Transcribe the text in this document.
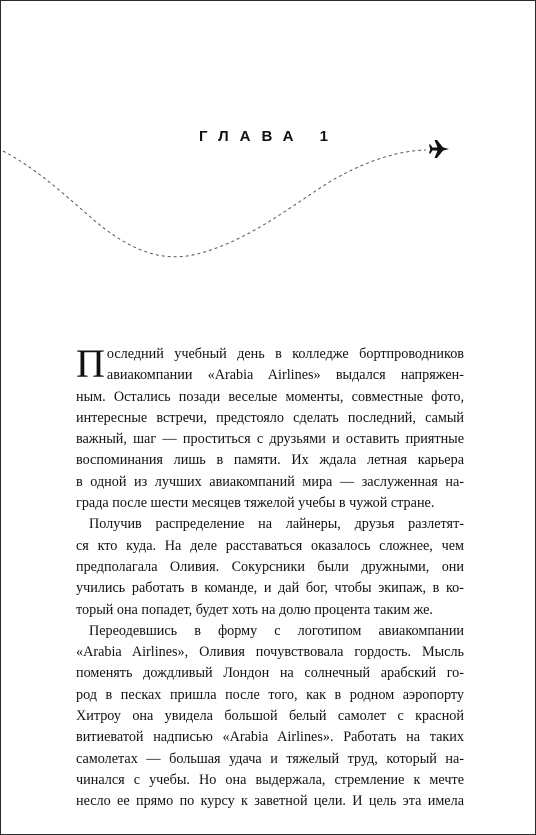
ГЛАВА 1
П оследний учебный день в колледже бортпроводников
авиакомпании «Arabia Airlines» выдался напряжен-
ным. Остались позади веселые моменты, совместные фото,
интересные встречи, предстояло сделать последний, самый
важный, шаг — проститься с друзьями и оставить приятные
воспоминания лишь в памяти. Их ждала летная карьера
в одной из лучших авиакомпаний мира — заслуженная на-
града после шести месяцев тяжелой учебы в чужой стране.
Получив распределение на лайнеры, друзья разлетят-
ся кто куда. На деле расставаться оказалось сложнее, чем
предполагала Оливия. Сокурсники были дружными, они
учились работать в команде, и дай бог, чтобы экипаж, в ко-
торый она попадет, будет хоть на долю процента таким же.
Переодевшись в форму с логотипом авиакомпании
«Arabia Airlines», Оливия почувствовала гордость. Мысль
поменять дождливый Лондон на солнечный арабский го-
род в песках пришла после того, как в родном аэропорту
Хитроу она увидела большой белый самолет с красной
витиеватой надписью «Arabia Airlines». Работать на таких
самолетах — большая удача и тяжелый труд, который на-
чинался с учебы. Но она выдержала, стремление к мечте
несло ее прямо по курсу к заветной цели. И цель эта имела
